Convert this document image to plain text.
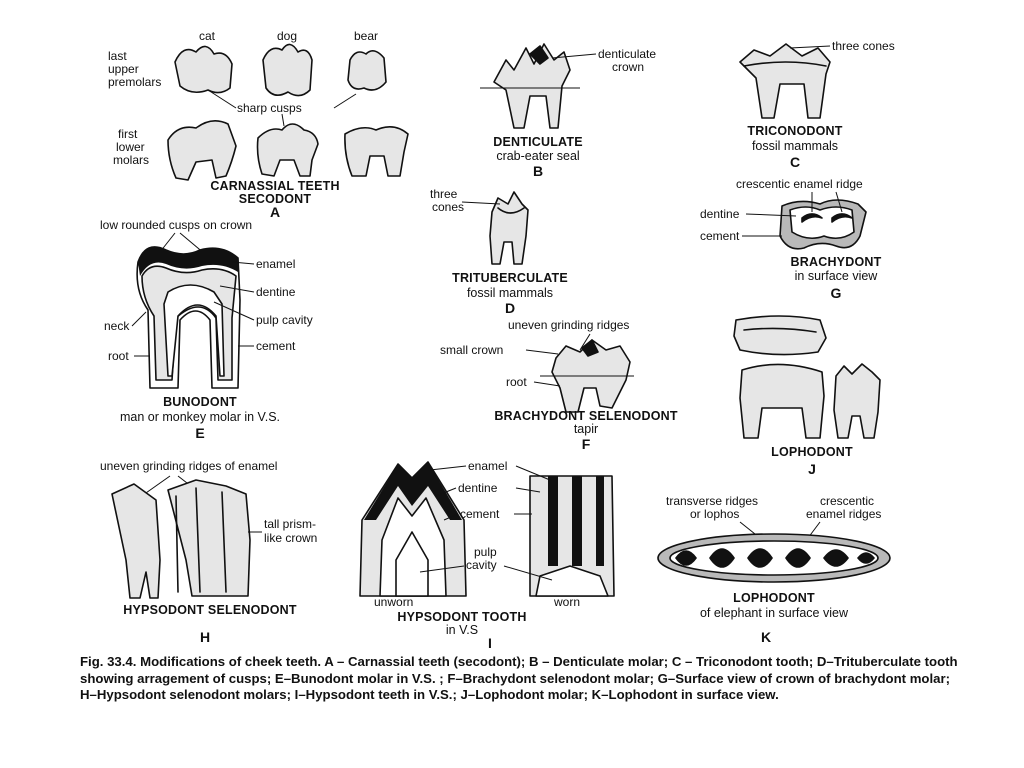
cat	dog	bear
last
upper
premolars
sharp cusps
first
lower
molars
CARNASSIAL TEETH
SECODONT
A
denticulate
crown
DENTICULATE
crab-eater seal
B
three cones
TRICONODONT
fossil mammals
C
three
cones
TRITUBERCULATE
fossil mammals
D
low rounded cusps on crown
enamel
dentine
pulp cavity
cement
neck
root
BUNODONT
man or monkey molar in V.S.
E
uneven grinding ridges
small crown
root
BRACHYDONT SELENODONT
tapir
F
crescentic enamel ridge
dentine
cement
BRACHYDONT
in surface view
G
LOPHODONT
J
uneven grinding ridges of enamel
tall prism-
like crown
HYPSODONT SELENODONT
H
enamel
dentine
cement
pulp
cavity
unworn	worn
HYPSODONT TOOTH
in V.S
I
transverse ridges
or lophos
crescentic
enamel ridges
LOPHODONT
of elephant in surface view
K
Fig. 33.4. Modifications of cheek teeth. A – Carnassial teeth (secodont); B – Denticulate molar; C – Triconodont tooth; D–Trituberculate tooth showing arragement of cusps; E–Bunodont molar in V.S. ; F–Brachydont selenodont molar; G–Surface view of crown of brachydont molar; H–Hypsodont selenodont molars; I–Hypsodont teeth in V.S.; J–Lophodont molar; K–Lophodont in surface view.
